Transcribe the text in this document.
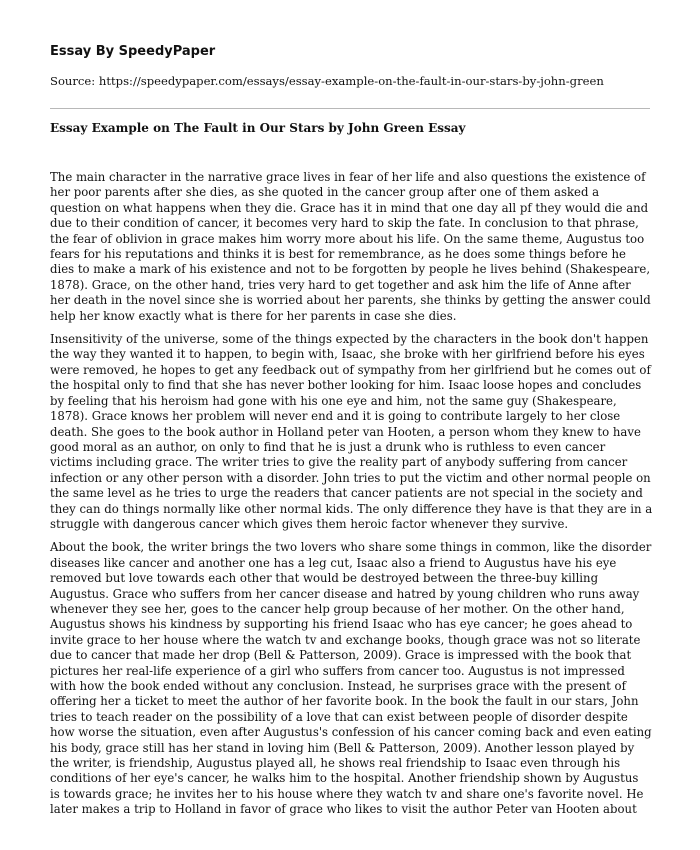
Essay By SpeedyPaper
Source: https://speedypaper.com/essays/essay-example-on-the-fault-in-our-stars-by-john-green
Essay Example on The Fault in Our Stars by John Green Essay
The main character in the narrative grace lives in fear of her life and also questions the existence of
her poor parents after she dies, as she quoted in the cancer group after one of them asked a
question on what happens when they die. Grace has it in mind that one day all pf they would die and
due to their condition of cancer, it becomes very hard to skip the fate. In conclusion to that phrase,
the fear of oblivion in grace makes him worry more about his life. On the same theme, Augustus too
fears for his reputations and thinks it is best for remembrance, as he does some things before he
dies to make a mark of his existence and not to be forgotten by people he lives behind (Shakespeare,
1878). Grace, on the other hand, tries very hard to get together and ask him the life of Anne after
her death in the novel since she is worried about her parents, she thinks by getting the answer could
help her know exactly what is there for her parents in case she dies.
Insensitivity of the universe, some of the things expected by the characters in the book don't happen
the way they wanted it to happen, to begin with, Isaac, she broke with her girlfriend before his eyes
were removed, he hopes to get any feedback out of sympathy from her girlfriend but he comes out of
the hospital only to find that she has never bother looking for him. Isaac loose hopes and concludes
by feeling that his heroism had gone with his one eye and him, not the same guy (Shakespeare,
1878). Grace knows her problem will never end and it is going to contribute largely to her close
death. She goes to the book author in Holland peter van Hooten, a person whom they knew to have
good moral as an author, on only to find that he is just a drunk who is ruthless to even cancer
victims including grace. The writer tries to give the reality part of anybody suffering from cancer
infection or any other person with a disorder. John tries to put the victim and other normal people on
the same level as he tries to urge the readers that cancer patients are not special in the society and
they can do things normally like other normal kids. The only difference they have is that they are in a
struggle with dangerous cancer which gives them heroic factor whenever they survive.
About the book, the writer brings the two lovers who share some things in common, like the disorder
diseases like cancer and another one has a leg cut, Isaac also a friend to Augustus have his eye
removed but love towards each other that would be destroyed between the three-buy killing
Augustus. Grace who suffers from her cancer disease and hatred by young children who runs away
whenever they see her, goes to the cancer help group because of her mother. On the other hand,
Augustus shows his kindness by supporting his friend Isaac who has eye cancer; he goes ahead to
invite grace to her house where the watch tv and exchange books, though grace was not so literate
due to cancer that made her drop (Bell & Patterson, 2009). Grace is impressed with the book that
pictures her real-life experience of a girl who suffers from cancer too. Augustus is not impressed
with how the book ended without any conclusion. Instead, he surprises grace with the present of
offering her a ticket to meet the author of her favorite book. In the book the fault in our stars, John
tries to teach reader on the possibility of a love that can exist between people of disorder despite
how worse the situation, even after Augustus's confession of his cancer coming back and even eating
his body, grace still has her stand in loving him (Bell & Patterson, 2009). Another lesson played by
the writer, is friendship, Augustus played all, he shows real friendship to Isaac even through his
conditions of her eye's cancer, he walks him to the hospital. Another friendship shown by Augustus
is towards grace; he invites her to his house where they watch tv and share one's favorite novel. He
later makes a trip to Holland in favor of grace who likes to visit the author Peter van Hooten about
